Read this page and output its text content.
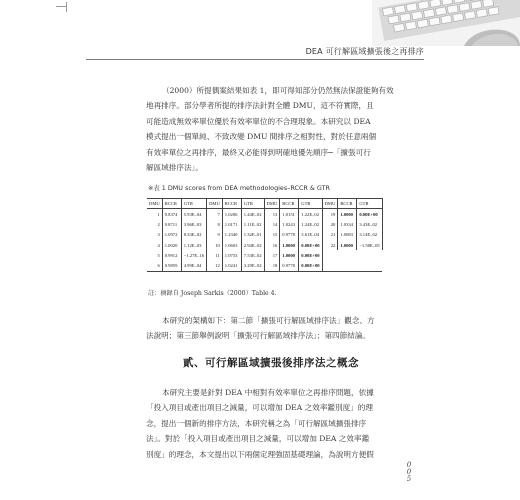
DEA 可行解區域擴張後之再排序
（2000）所提偶案結果如表 1，即可得知部分仍然無法保證能夠有效
地再排序。部分學者所提的排序法針對全體 DMU，這不符實際，且
可能造成無效率單位優於有效率單位的不合理現象。本研究以 DEA
模式提出一個單純、不致改變 DMU 間排序之相對性，對於任意兩個
有效率單位之再排序，最終又必能得到明確地優先順序─「擴張可行
解區域排序法」。
※表 1 DMU scores from DEA methodologies–RCCR & GTR
DMU	RCCR	GTR	DMU	RCCR	GTR	DMU	RCCR	GTR	DMU	RCCR	GTR
1	0.8374	5.93E–04	7	1.0206	1.44E–02	13	1.0151	1.22E–02	19	1.0000	0.00E+00
2	0.8711	3.96E–03	8	1.0171	1.11E–02	14	1.0243	1.24E–02	20	1.0334	3.43E–02
3	1.0972	8.33E–02	9	1.2340	1.32E–01	15	0.9778	3.61E–04	21	1.0083	3.14E–02
4	1.0020	1.12E–03	10	1.0603	2.94E–02	16	1.0000	0.00E+00	22	1.0000	−1.58E–05
5	0.9912	−1.27E–16	11	1.0753	7.53E–02	17	1.0000	0.00E+00			
6	0.9859	4.99E–04	12	1.0241	3.29E–02	18	0.9778	0.00E+00			
註：摘錄自 Joseph Sarkis（2000）Table 4.
本研究的架構如下：第二節「擴張可行解區域排序法」觀念、方
法說明；第三節舉例說明「擴張可行解區域排序法」；第四節結論。
貳、可行解區域擴張後排序法之概念
本研究主要是針對 DEA 中相對有效率單位之再排序問題，依據
「投入項目或產出項目之減量，可以增加 DEA 之效率鑑別度」的理
念，提出一個新的排序方法，本研究稱之為「可行解區域擴張排序
法」。對於「投入項目或產出項目之減量，可以增加 DEA 之效率鑑
別度」的理念，本文提出以下兩個定理強固基礎理論，為說明方便假
0
0
5
